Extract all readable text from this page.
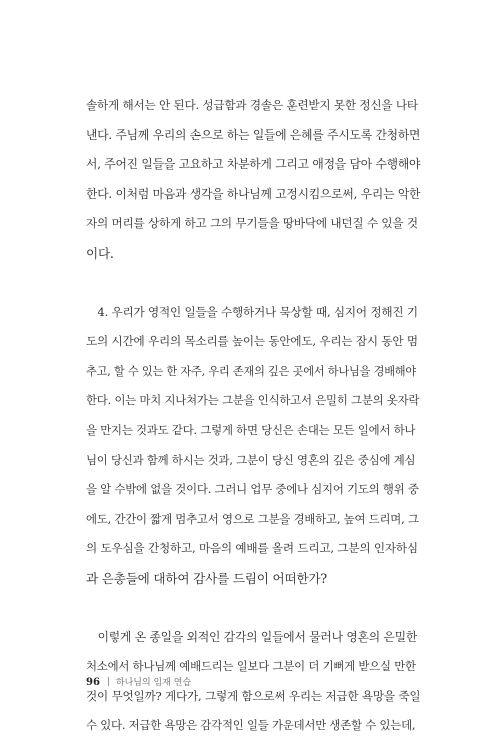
솔하게 해서는 안 된다. 성급함과 경솔은 훈련받지 못한 정신을 나타
낸다. 주님께 우리의 손으로 하는 일들에 은혜를 주시도록 간청하면
서, 주어진 일들을 고요하고 차분하게 그리고 애정을 담아 수행해야
한다. 이처럼 마음과 생각을 하나님께 고정시킴으로써, 우리는 악한
자의 머리를 상하게 하고 그의 무기들을 땅바닥에 내던질 수 있을 것
이다.
　4. 우리가 영적인 일들을 수행하거나 묵상할 때, 심지어 정해진 기
도의 시간에 우리의 목소리를 높이는 동안에도, 우리는 잠시 동안 멈
추고, 할 수 있는 한 자주, 우리 존재의 깊은 곳에서 하나님을 경배해야
한다. 이는 마치 지나쳐가는 그분을 인식하고서 은밀히 그분의 옷자락
을 만지는 것과도 같다. 그렇게 하면 당신은 손대는 모든 일에서 하나
님이 당신과 함께 하시는 것과, 그분이 당신 영혼의 깊은 중심에 계심
을 알 수밖에 없을 것이다. 그러니 업무 중에나 심지어 기도의 행위 중
에도, 간간이 짧게 멈추고서 영으로 그분을 경배하고, 높여 드리며, 그
의 도우심을 간청하고, 마음의 예배를 올려 드리고, 그분의 인자하심
과 은총들에 대하여 감사를 드림이 어떠한가?
　이렇게 온 종일을 외적인 감각의 일들에서 물러나 영혼의 은밀한
처소에서 하나님께 예배드리는 일보다 그분이 더 기뻐게 받으실 만한
것이 무엇일까? 게다가, 그렇게 함으로써 우리는 저급한 욕망을 죽일
수 있다. 저급한 욕망은 감각적인 일들 가운데서만 생존할 수 있는데,
96 하나님의 임재 연습
